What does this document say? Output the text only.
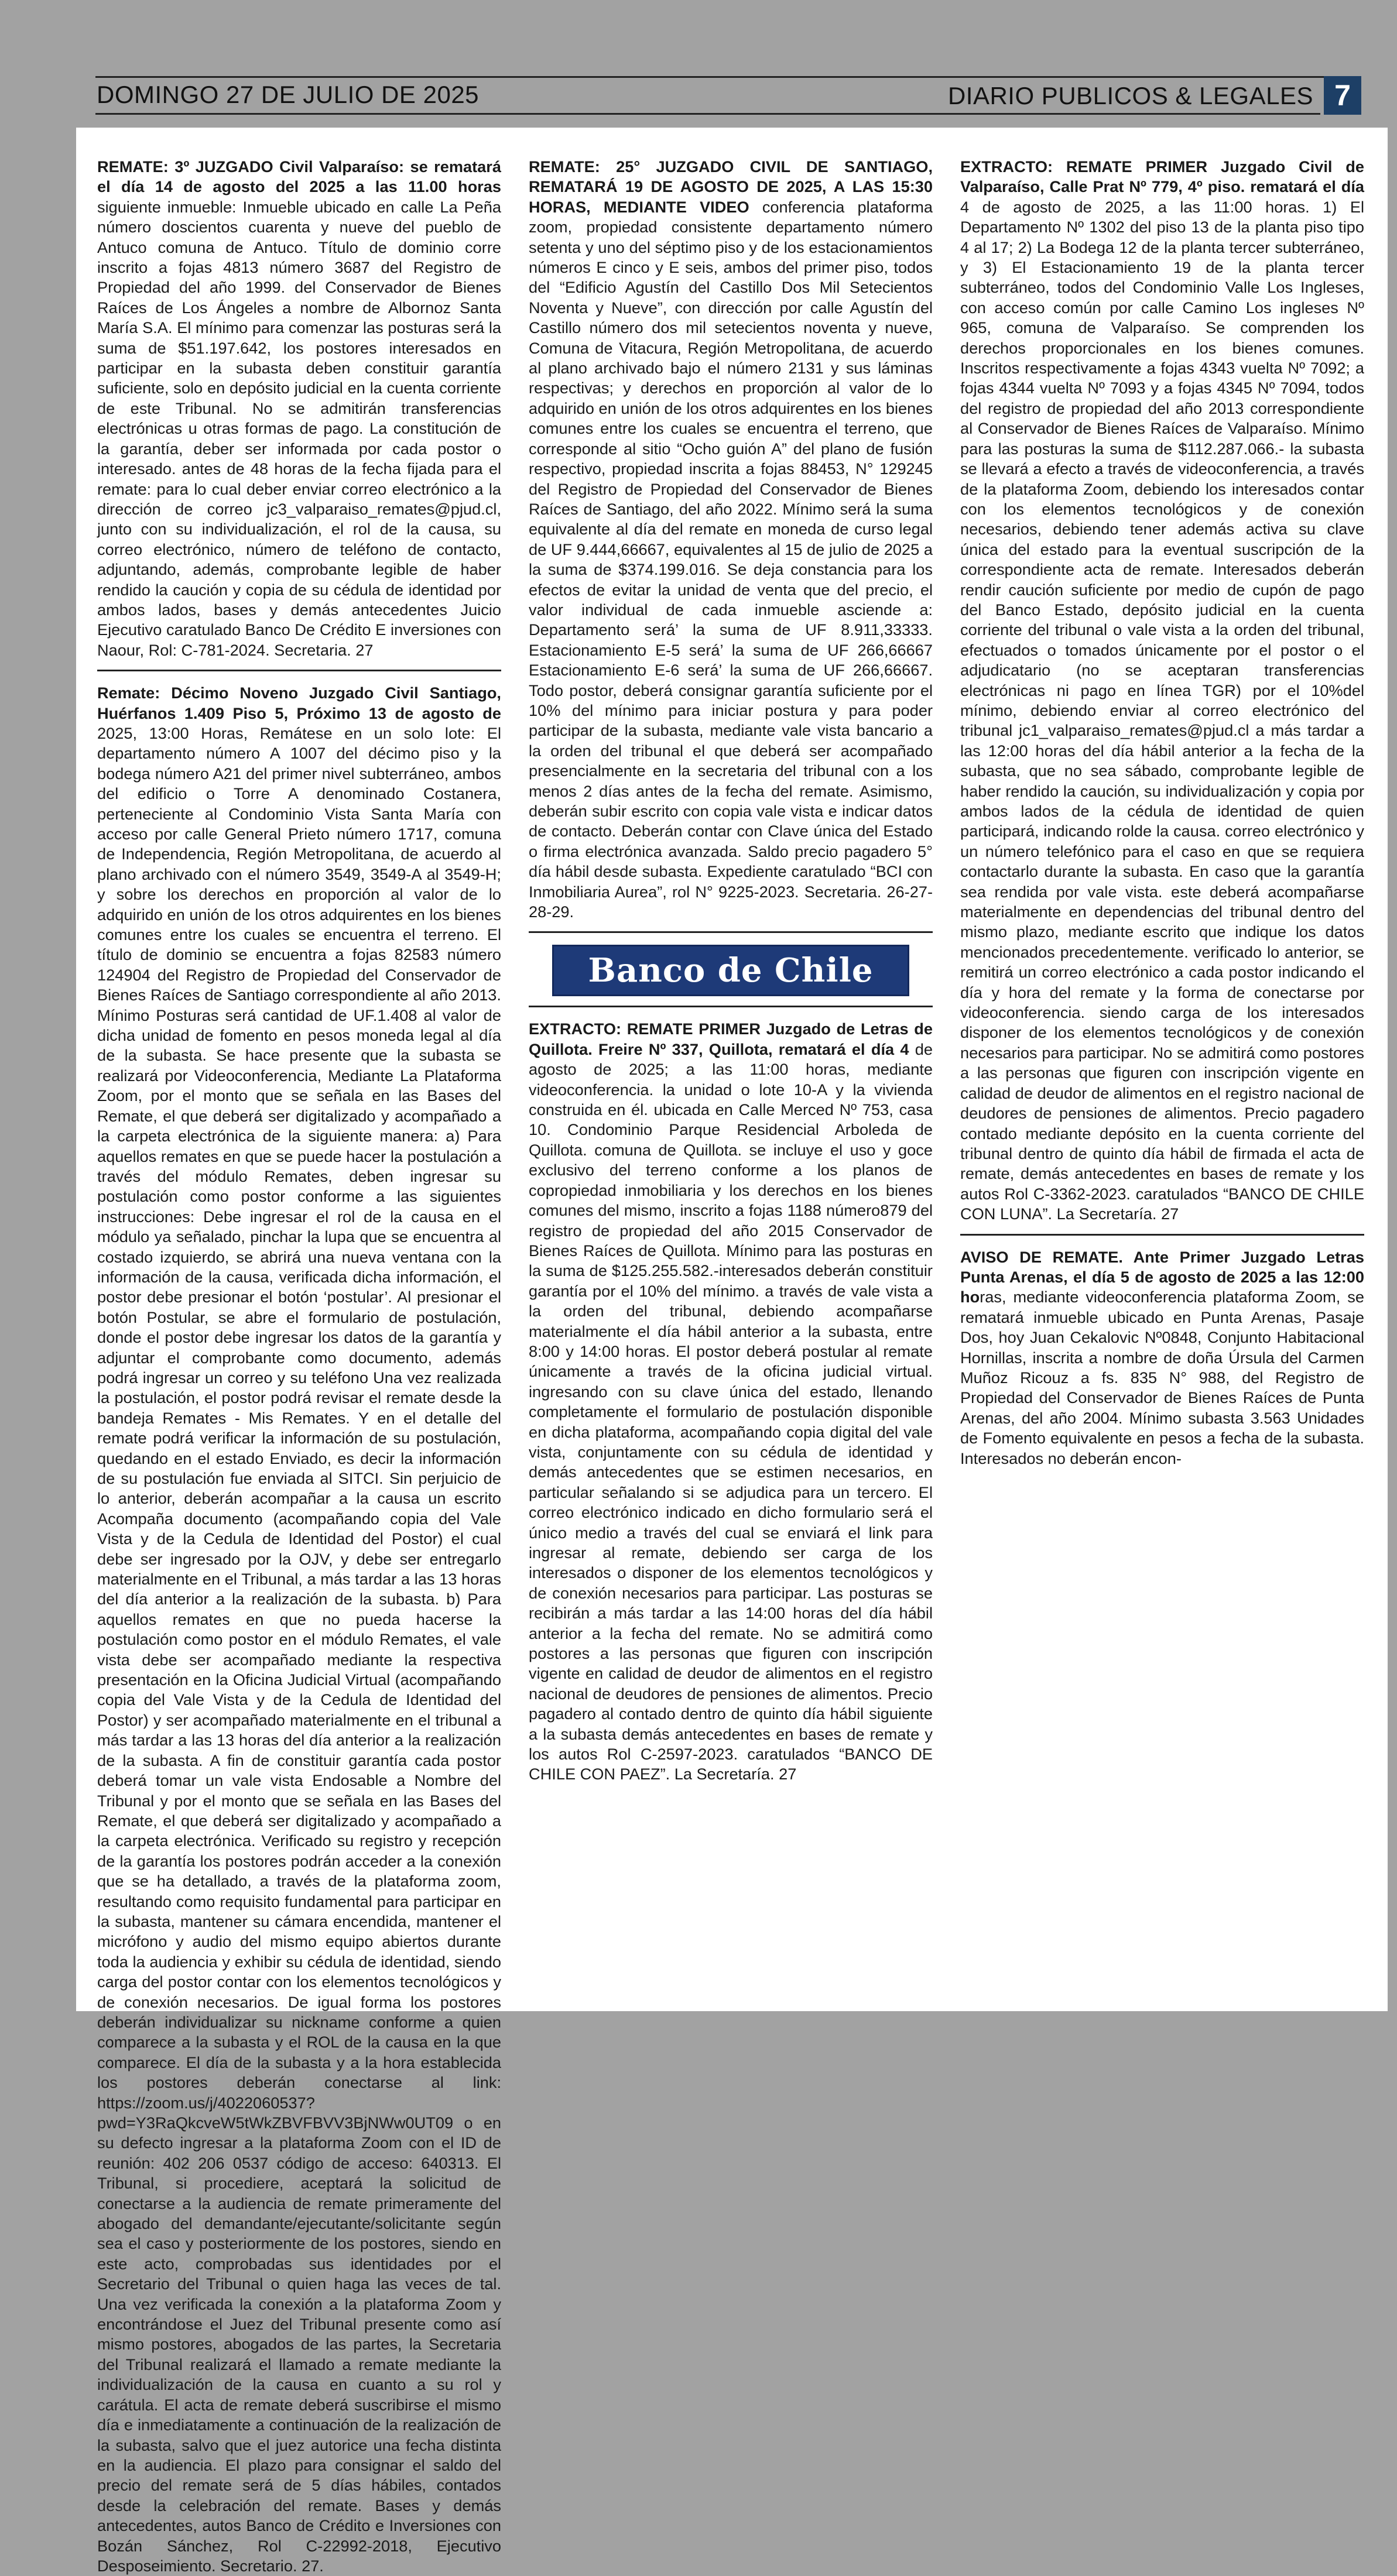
DOMINGO 27 DE JULIO DE 2025	DIARIO PUBLICOS & LEGALES 7

REMATE: 3º JUZGADO Civil Valparaíso: se rematará el día 14 de agosto del 2025 a las 11.00 horas siguiente inmueble: Inmueble ubicado en calle La Peña número doscientos cuarenta y nueve del pueblo de Antuco comuna de Antuco. Título de dominio corre inscrito a fojas 4813 número 3687 del Registro de Propiedad del año 1999. del Conservador de Bienes Raíces de Los Ángeles a nombre de Albornoz Santa María S.A. El mínimo para comenzar las posturas será la suma de $51.197.642, los postores interesados en participar en la subasta deben constituir garantía suficiente, solo en depósito judicial en la cuenta corriente de este Tribunal. No se admitirán transferencias electrónicas u otras formas de pago. La constitución de la garantía, deber ser informada por cada postor o interesado. antes de 48 horas de la fecha fijada para el remate: para lo cual deber enviar correo electrónico a la dirección de correo jc3_valparaiso_remates@pjud.cl, junto con su individualización, el rol de la causa, su correo electrónico, número de teléfono de contacto, adjuntando, además, comprobante legible de haber rendido la caución y copia de su cédula de identidad por ambos lados, bases y demás antecedentes Juicio Ejecutivo caratulado Banco De Crédito E inversiones con Naour, Rol: C-781-2024. Secretaria. 27

Remate: Décimo Noveno Juzgado Civil Santiago, Huérfanos 1.409 Piso 5, Próximo 13 de agosto de 2025, 13:00 Horas, Remátese en un solo lote: El departamento número A 1007 del décimo piso y la bodega número A21 del primer nivel subterráneo, ambos del edificio o Torre A denominado Costanera, perteneciente al Condominio Vista Santa María con acceso por calle General Prieto número 1717, comuna de Independencia, Región Metropolitana, de acuerdo al plano archivado con el número 3549, 3549-A al 3549-H; y sobre los derechos en proporción al valor de lo adquirido en unión de los otros adquirentes en los bienes comunes entre los cuales se encuentra el terreno. El título de dominio se encuentra a fojas 82583 número 124904 del Registro de Propiedad del Conservador de Bienes Raíces de Santiago correspondiente al año 2013. Mínimo Posturas será cantidad de UF.1.408 al valor de dicha unidad de fomento en pesos moneda legal al día de la subasta. Se hace presente que la subasta se realizará por Videoconferencia, Mediante La Plataforma Zoom, por el monto que se señala en las Bases del Remate, el que deberá ser digitalizado y acompañado a la carpeta electrónica de la siguiente manera: a) Para aquellos remates en que se puede hacer la postulación a través del módulo Remates, deben ingresar su postulación como postor conforme a las siguientes instrucciones: Debe ingresar el rol de la causa en el módulo ya señalado, pinchar la lupa que se encuentra al costado izquierdo, se abrirá una nueva ventana con la información de la causa, verificada dicha información, el postor debe presionar el botón ‘postular’. Al presionar el botón Postular, se abre el formulario de postulación, donde el postor debe ingresar los datos de la garantía y adjuntar el comprobante como documento, además podrá ingresar un correo y su teléfono Una vez realizada la postulación, el postor podrá revisar el remate desde la bandeja Remates - Mis Remates. Y en el detalle del remate podrá verificar la información de su postulación, quedando en el estado Enviado, es decir la información de su postulación fue enviada al SITCI. Sin perjuicio de lo anterior, deberán acompañar a la causa un escrito Acompaña documento (acompañando copia del Vale Vista y de la Cedula de Identidad del Postor) el cual debe ser ingresado por la OJV, y debe ser entregarlo materialmente en el Tribunal, a más tardar a las 13 horas del día anterior a la realización de la subasta. b) Para aquellos remates en que no pueda hacerse la postulación como postor en el módulo Remates, el vale vista debe ser acompañado mediante la respectiva presentación en la Oficina Judicial Virtual (acompañando copia del Vale Vista y de la Cedula de Identidad del Postor) y ser acompañado materialmente en el tribunal a más tardar a las 13 horas del día anterior a la realización de la subasta. A fin de constituir garantía cada postor deberá tomar un vale vista Endosable a Nombre del Tribunal y por el monto que se señala en las Bases del Remate, el que deberá ser digitalizado y acompañado a la carpeta electrónica. Verificado su registro y recepción de la garantía los postores podrán acceder a la conexión que se ha detallado, a través de la plataforma zoom, resultando como requisito fundamental para participar en la subasta, mantener su cámara encendida, mantener el micrófono y audio del mismo equipo abiertos durante toda la audiencia y exhibir su cédula de identidad, siendo carga del postor contar con los elementos tecnológicos y de conexión necesarios. De igual forma los postores deberán individualizar su nickname conforme a quien comparece a la subasta y el ROL de la causa en la que comparece. El día de la subasta y a la hora establecida los postores deberán conectarse al link: https://zoom.us/j/4022060537?pwd=Y3RaQkcveW5tWkZBVFBVV3BjNWw0UT09 o en su defecto ingresar a la plataforma Zoom con el ID de reunión: 402 206 0537 código de acceso: 640313. El Tribunal, si procediere, aceptará la solicitud de conectarse a la audiencia de remate primeramente del abogado del demandante/ejecutante/solicitante según sea el caso y posteriormente de los postores, siendo en este acto, comprobadas sus identidades por el Secretario del Tribunal o quien haga las veces de tal. Una vez verificada la conexión a la plataforma Zoom y encontrándose el Juez del Tribunal presente como así mismo postores, abogados de las partes, la Secretaria del Tribunal realizará el llamado a remate mediante la individualización de la causa en cuanto a su rol y carátula. El acta de remate deberá suscribirse el mismo día e inmediatamente a continuación de la realización de la subasta, salvo que el juez autorice una fecha distinta en la audiencia. El plazo para consignar el saldo del precio del remate será de 5 días hábiles, contados desde la celebración del remate. Bases y demás antecedentes, autos Banco de Crédito e Inversiones con Bozán Sánchez, Rol C-22992-2018, Ejecutivo Desposeimiento. Secretario. 27.

REMATE: 25° JUZGADO CIVIL DE SANTIAGO, REMATARÁ 19 DE AGOSTO DE 2025, A LAS 15:30 HORAS, MEDIANTE VIDEO conferencia plataforma zoom, propiedad consistente departamento número setenta y uno del séptimo piso y de los estacionamientos números E cinco y E seis, ambos del primer piso, todos del “Edificio Agustín del Castillo Dos Mil Setecientos Noventa y Nueve”, con dirección por calle Agustín del Castillo número dos mil setecientos noventa y nueve, Comuna de Vitacura, Región Metropolitana, de acuerdo al plano archivado bajo el número 2131 y sus láminas respectivas; y derechos en proporción al valor de lo adquirido en unión de los otros adquirentes en los bienes comunes entre los cuales se encuentra el terreno, que corresponde al sitio “Ocho guión A” del plano de fusión respectivo, propiedad inscrita a fojas 88453, N° 129245 del Registro de Propiedad del Conservador de Bienes Raíces de Santiago, del año 2022. Mínimo será la suma equivalente al día del remate en moneda de curso legal de UF 9.444,66667, equivalentes al 15 de julio de 2025 a la suma de $374.199.016. Se deja constancia para los efectos de evitar la unidad de venta que del precio, el valor individual de cada inmueble asciende a: Departamento será’ la suma de UF 8.911,33333. Estacionamiento E-5 será’ la suma de UF 266,66667 Estacionamiento E-6 será’ la suma de UF 266,66667. Todo postor, deberá consignar garantía suficiente por el 10% del mínimo para iniciar postura y para poder participar de la subasta, mediante vale vista bancario a la orden del tribunal el que deberá ser acompañado presencialmente en la secretaria del tribunal con a los menos 2 días antes de la fecha del remate. Asimismo, deberán subir escrito con copia vale vista e indicar datos de contacto. Deberán contar con Clave única del Estado o firma electrónica avanzada. Saldo precio pagadero 5° día hábil desde subasta. Expediente caratulado “BCI con Inmobiliaria Aurea”, rol N° 9225-2023. Secretaria. 26-27-28-29.

Banco de Chile

EXTRACTO: REMATE PRIMER Juzgado de Letras de Quillota. Freire Nº 337, Quillota, rematará el día 4 de agosto de 2025; a las 11:00 horas, mediante videoconferencia. la unidad o lote 10-A y la vivienda construida en él. ubicada en Calle Merced Nº 753, casa 10. Condominio Parque Residencial Arboleda de Quillota. comuna de Quillota. se incluye el uso y goce exclusivo del terreno conforme a los planos de copropiedad inmobiliaria y los derechos en los bienes comunes del mismo, inscrito a fojas 1188 número879 del registro de propiedad del año 2015 Conservador de Bienes Raíces de Quillota. Mínimo para las posturas en la suma de $125.255.582.-interesados deberán constituir garantía por el 10% del mínimo. a través de vale vista a la orden del tribunal, debiendo acompañarse materialmente el día hábil anterior a la subasta, entre 8:00 y 14:00 horas. El postor deberá postular al remate únicamente a través de la oficina judicial virtual. ingresando con su clave única del estado, llenando completamente el formulario de postulación disponible en dicha plataforma, acompañando copia digital del vale vista, conjuntamente con su cédula de identidad y demás antecedentes que se estimen necesarios, en particular señalando si se adjudica para un tercero. El correo electrónico indicado en dicho formulario será el único medio a través del cual se enviará el link para ingresar al remate, debiendo ser carga de los interesados o disponer de los elementos tecnológicos y de conexión necesarios para participar. Las posturas se recibirán a más tardar a las 14:00 horas del día hábil anterior a la fecha del remate. No se admitirá como postores a las personas que figuren con inscripción vigente en calidad de deudor de alimentos en el registro nacional de deudores de pensiones de alimentos. Precio pagadero al contado dentro de quinto día hábil siguiente a la subasta demás antecedentes en bases de remate y los autos Rol C-2597-2023. caratulados “BANCO DE CHILE CON PAEZ”. La Secretaría. 27

EXTRACTO: REMATE PRIMER Juzgado Civil de Valparaíso, Calle Prat Nº 779, 4º piso. rematará el día 4 de agosto de 2025, a las 11:00 horas. 1) El Departamento Nº 1302 del piso 13 de la planta piso tipo 4 al 17; 2) La Bodega 12 de la planta tercer subterráneo, y 3) El Estacionamiento 19 de la planta tercer subterráneo, todos del Condominio Valle Los Ingleses, con acceso común por calle Camino Los ingleses Nº 965, comuna de Valparaíso. Se comprenden los derechos proporcionales en los bienes comunes. Inscritos respectivamente a fojas 4343 vuelta Nº 7092; a fojas 4344 vuelta Nº 7093 y a fojas 4345 Nº 7094, todos del registro de propiedad del año 2013 correspondiente al Conservador de Bienes Raíces de Valparaíso. Mínimo para las posturas la suma de $112.287.066.- la subasta se llevará a efecto a través de videoconferencia, a través de la plataforma Zoom, debiendo los interesados contar con los elementos tecnológicos y de conexión necesarios, debiendo tener además activa su clave única del estado para la eventual suscripción de la correspondiente acta de remate. Interesados deberán rendir caución suficiente por medio de cupón de pago del Banco Estado, depósito judicial en la cuenta corriente del tribunal o vale vista a la orden del tribunal, efectuados o tomados únicamente por el postor o el adjudicatario (no se aceptaran transferencias electrónicas ni pago en línea TGR) por el 10%del mínimo, debiendo enviar al correo electrónico del tribunal jc1_valparaiso_remates@pjud.cl a más tardar a las 12:00 horas del día hábil anterior a la fecha de la subasta, que no sea sábado, comprobante legible de haber rendido la caución, su individualización y copia por ambos lados de la cédula de identidad de quien participará, indicando rolde la causa. correo electrónico y un número telefónico para el caso en que se requiera contactarlo durante la subasta. En caso que la garantía sea rendida por vale vista. este deberá acompañarse materialmente en dependencias del tribunal dentro del mismo plazo, mediante escrito que indique los datos mencionados precedentemente. verificado lo anterior, se remitirá un correo electrónico a cada postor indicando el día y hora del remate y la forma de conectarse por videoconferencia. siendo carga de los interesados disponer de los elementos tecnológicos y de conexión necesarios para participar. No se admitirá como postores a las personas que figuren con inscripción vigente en calidad de deudor de alimentos en el registro nacional de deudores de pensiones de alimentos. Precio pagadero contado mediante depósito en la cuenta corriente del tribunal dentro de quinto día hábil de firmada el acta de remate, demás antecedentes en bases de remate y los autos Rol C-3362-2023. caratulados “BANCO DE CHILE CON LUNA”. La Secretaría. 27

AVISO DE REMATE. Ante Primer Juzgado Letras Punta Arenas, el día 5 de agosto de 2025 a las 12:00 horas, mediante videoconferencia plataforma Zoom, se rematará inmueble ubicado en Punta Arenas, Pasaje Dos, hoy Juan Cekalovic Nº0848, Conjunto Habitacional Hornillas, inscrita a nombre de doña Úrsula del Carmen Muñoz Ricouz a fs. 835 N° 988, del Registro de Propiedad del Conservador de Bienes Raíces de Punta Arenas, del año 2004. Mínimo subasta 3.563 Unidades de Fomento equivalente en pesos a fecha de la subasta. Interesados no deberán encon-
